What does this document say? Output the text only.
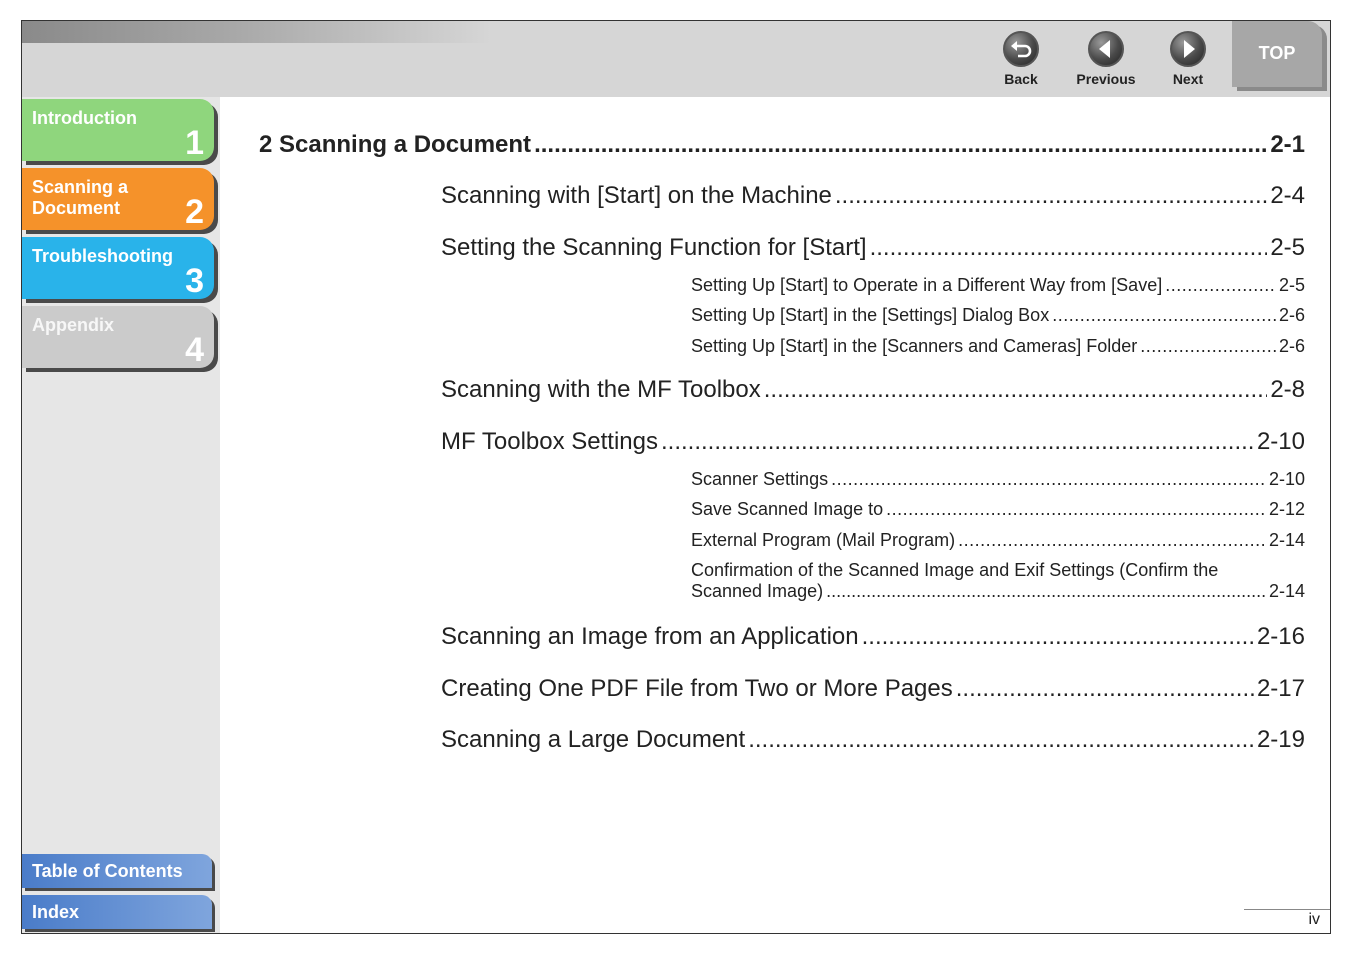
Back	Previous	Next
TOP
Introduction
1
Scanning a Document	2
Troubleshooting
3
Appendix
4
Table of Contents
Index
2 Scanning a Document .....	2-1
Scanning with [Start] on the Machine .....	2-4
Setting the Scanning Function for [Start] .....	2-5
Setting Up [Start] to Operate in a Different Way from [Save] .....	2-5
Setting Up [Start] in the [Settings] Dialog Box .....	2-6
Setting Up [Start] in the [Scanners and Cameras] Folder .....	2-6
Scanning with the MF Toolbox .....	2-8
MF Toolbox Settings .....	2-10
Scanner Settings .....	2-10
Save Scanned Image to .....	2-12
External Program (Mail Program) .....	2-14
Confirmation of the Scanned Image and Exif Settings (Confirm the
Scanned Image) .....	2-14
Scanning an Image from an Application .....	2-16
Creating One PDF File from Two or More Pages .....	2-17
Scanning a Large Document .....	2-19
iv
